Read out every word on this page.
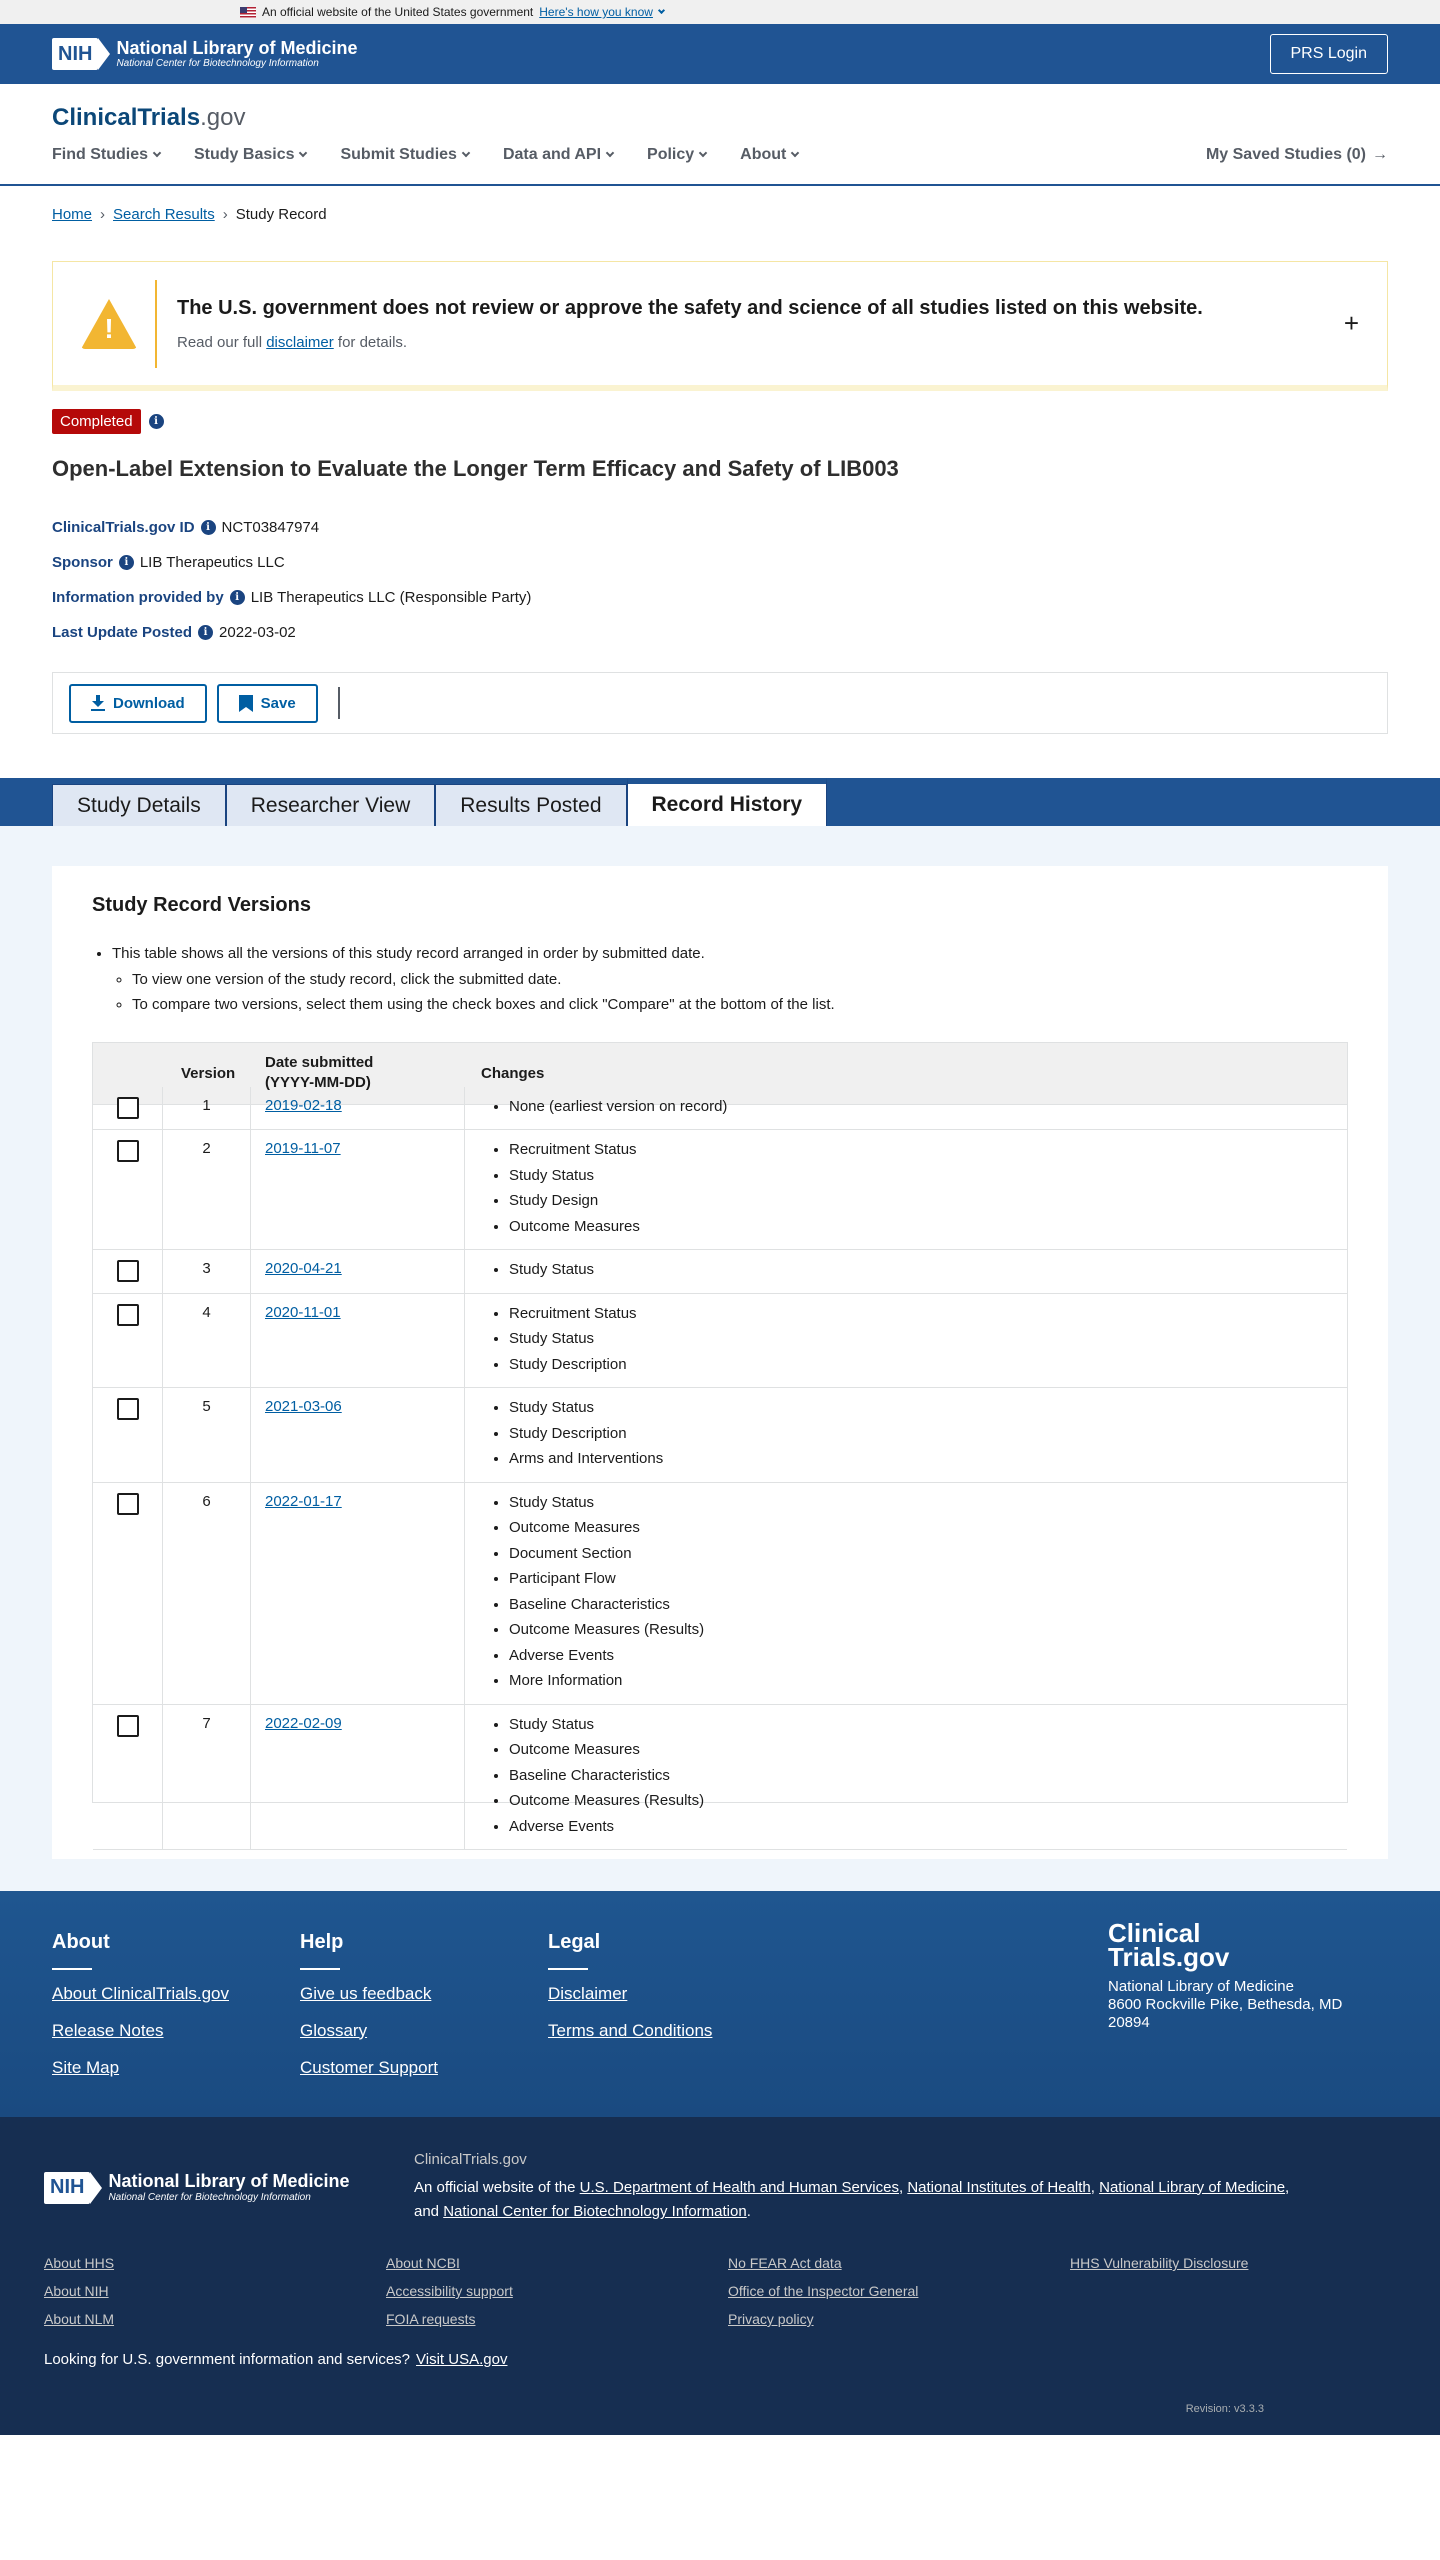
An official website of the United States government Here's how you know
NIH	National Library of Medicine
National Center for Biotechnology Information
PRS Login
ClinicalTrials.gov
Find Studies	Study Basics	Submit Studies	Data and API	Policy	About	My Saved Studies (0) →
Home › Search Results › Study Record
!
The U.S. government does not review or approve the safety and science of all studies listed on this website.
Read our full disclaimer for details.
+
Completed	i
Open-Label Extension to Evaluate the Longer Term Efficacy and Safety of LIB003
ClinicalTrials.gov ID	i NCT03847974
Sponsor	i LIB Therapeutics LLC
Information provided by	i LIB Therapeutics LLC (Responsible Party)
Last Update Posted	i 2022-03-02
Download	Save
Study Details	Researcher View	Results Posted	Record History
Study Record Versions
• This table shows all the versions of this study record arranged in order by submitted date.
◦ To view one version of the study record, click the submitted date.
◦ To compare two versions, select them using the check boxes and click "Compare" at the bottom of the list.
Version
Date submitted
(YYYY-MM-DD)
Changes
1	2019-02-18	• None (earliest version on record)
2	2019-11-07	• Recruitment Status
• Study Status
• Study Design
• Outcome Measures
3	2020-04-21	• Study Status
4	2020-11-01	• Recruitment Status
• Study Status
• Study Description
5	2021-03-06	• Study Status
• Study Description
• Arms and Interventions
6	2022-01-17	• Study Status
• Outcome Measures
• Document Section
• Participant Flow
• Baseline Characteristics
• Outcome Measures (Results)
• Adverse Events
• More Information
7	2022-02-09	• Study Status
• Outcome Measures
• Baseline Characteristics
• Outcome Measures (Results)
• Adverse Events
About
About ClinicalTrials.gov
Release Notes
Site Map
Help
Give us feedback
Glossary
Customer Support
Legal
Disclaimer
Terms and Conditions
Clinical
Trials.gov
National Library of Medicine
8600 Rockville Pike, Bethesda, MD 20894
NIH	National Library of Medicine
National Center for Biotechnology Information
ClinicalTrials.gov
An official website of the U.S. Department of Health and Human Services, National Institutes of Health, National Library of Medicine,
and National Center for Biotechnology Information.
About HHS	About NCBI	No FEAR Act data	HHS Vulnerability Disclosure
About NIH	Accessibility support	Office of the Inspector General
About NLM	FOIA requests	Privacy policy
Looking for U.S. government information and services? Visit USA.gov
Revision: v3.3.3
